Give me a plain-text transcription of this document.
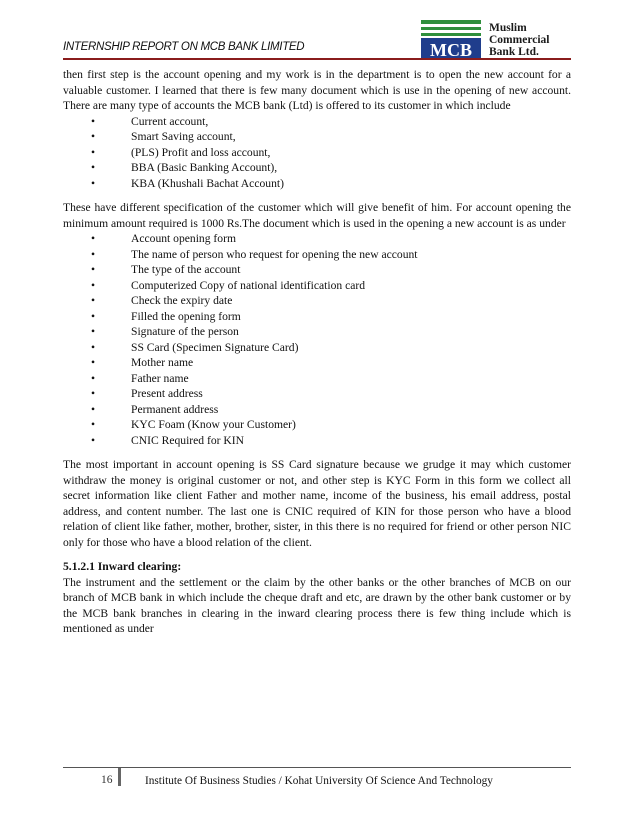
INTERNSHIP REPORT ON MCB BANK LIMITED	MCB
Muslim
Commercial
Bank Ltd.

then first step is the account opening and my work is in the department is to open the new account for a valuable customer. I learned that there is few many document which is use in the opening of new account. There are many type of accounts the MCB bank (Ltd) is offered to its customer in which include

•	Current account,
•	Smart Saving account,
•	(PLS) Profit and loss account,
•	BBA (Basic Banking Account),
•	KBA (Khushali Bachat Account)

These have different specification of the customer which will give benefit of him. For account opening the minimum amount required is 1000 Rs.The document which is used in the opening a new account is as under

•	Account opening form
•	The name of person who request for opening the new account
•	The type of the account
•	Computerized Copy of national identification card
•	Check the expiry date
•	Filled the opening form
•	Signature of the person
•	SS Card (Specimen Signature Card)
•	Mother name
•	Father name
•	Present address
•	Permanent address
•	KYC Foam (Know your Customer)
•	CNIC Required for KIN

The most important in account opening is SS Card signature because we grudge it may which customer withdraw the money is original customer or not, and other step is KYC Form in this form we collect all secret information like client Father and mother name, income of the business, his email address, postal address, and content number. The last one is CNIC required of KIN for those person who have a blood relation of client like father, mother, brother, sister, in this there is no required for friend or other person NIC only for those who have a blood relation of the client.

5.1.2.1 Inward clearing:

The instrument and the settlement or the claim by the other banks or the other branches of MCB on our branch of MCB bank in which include the cheque draft and etc, are drawn by the other bank customer or by the MCB bank branches in clearing in the inward clearing process there is few thing include which is mentioned as under

16	Institute Of Business Studies / Kohat University Of Science And Technology
